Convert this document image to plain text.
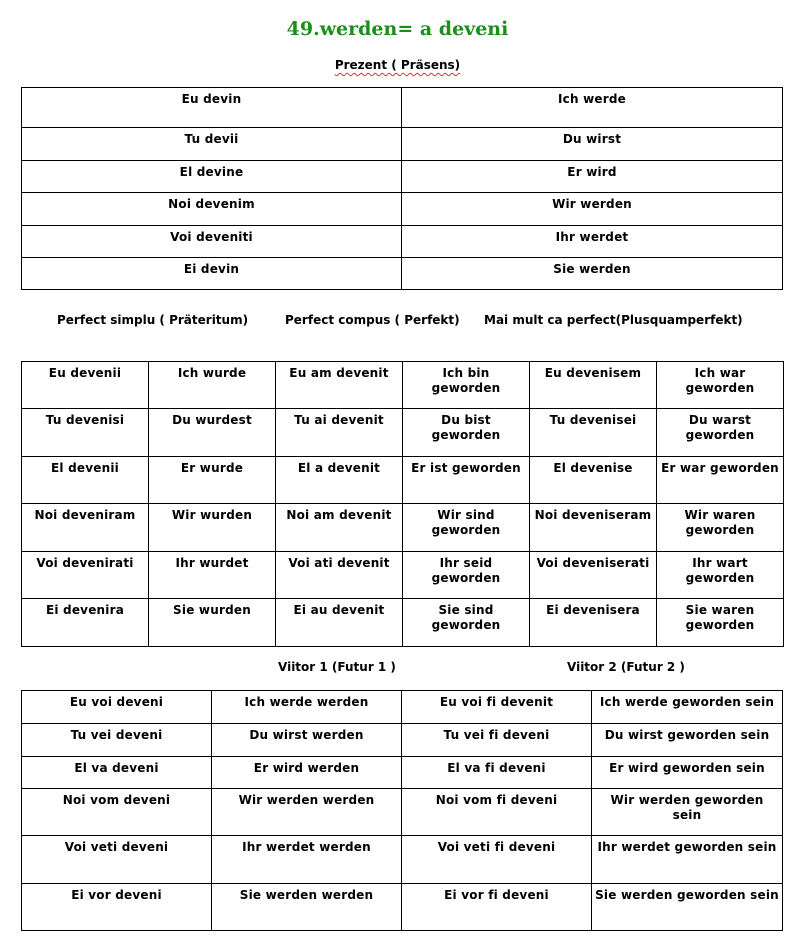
49.werden= a deveni
Prezent ( Präsens)
Eu devin	Ich werde
Tu devii	Du wirst
El devine	Er wird
Noi devenim	Wir werden
Voi deveniti	Ihr werdet
Ei devin	Sie werden
Perfect simplu ( Präteritum)	Perfect compus ( Perfekt) Mai mult ca perfect(Plusquamperfekt)
Eu devenii	Ich wurde	Eu am devenit	Ich bin geworden	Eu devenisem	Ich war geworden
Tu devenisi	Du wurdest	Tu ai devenit	Du bist geworden	Tu devenisei	Du warst geworden
El devenii	Er wurde	El a devenit	Er ist geworden	El devenise	Er war geworden
Noi deveniram	Wir wurden	Noi am devenit	Wir sind geworden	Noi deveniseram	Wir waren geworden
Voi devenirati	Ihr wurdet	Voi ati devenit	Ihr seid geworden	Voi deveniserati	Ihr wart geworden
Ei devenira	Sie wurden	Ei au devenit	Sie sind geworden	Ei devenisera	Sie waren geworden
Viitor 1 (Futur 1 )	Viitor 2 (Futur 2 )
Eu voi deveni	Ich werde werden	Eu voi fi devenit	Ich werde geworden sein
Tu vei deveni	Du wirst werden	Tu vei fi deveni	Du wirst geworden sein
El va deveni	Er wird werden	El va fi deveni	Er wird geworden sein
Noi vom deveni	Wir werden werden	Noi vom fi deveni	Wir werden geworden sein
Voi veti deveni	Ihr werdet werden	Voi veti fi deveni	Ihr werdet geworden sein
Ei vor deveni	Sie werden werden	Ei vor fi deveni	Sie werden geworden sein
